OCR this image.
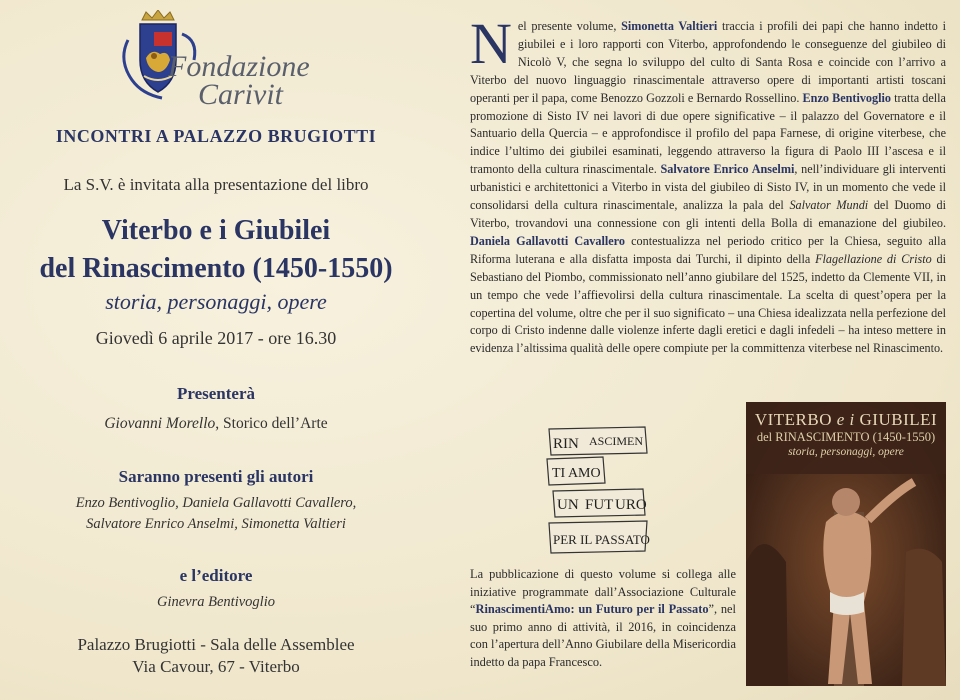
Fondazione
Carivit
INCONTRI A PALAZZO BRUGIOTTI
La S.V. è invitata alla presentazione del libro
Viterbo e i Giubilei
del Rinascimento (1450-1550)
storia, personaggi, opere
Giovedì 6 aprile 2017 - ore 16.30
Presenterà
Giovanni Morello, Storico dell’Arte
Saranno presenti gli autori
Enzo Bentivoglio, Daniela Gallavotti Cavallero,
Salvatore Enrico Anselmi, Simonetta Valtieri
e l’editore
Ginevra Bentivoglio
Palazzo Brugiotti - Sala delle Assemblee
Via Cavour, 67 - Viterbo
Nel presente volume, Simonetta Valtieri traccia i profili dei papi che hanno indetto i giubilei e i loro rapporti con Viterbo, approfondendo le conseguenze del giubileo di Nicolò V, che segna lo sviluppo del culto di Santa Rosa e coincide con l’arrivo a Viterbo del nuovo linguaggio rinascimentale attraverso opere di importanti artisti toscani operanti per il papa, come Benozzo Gozzoli e Bernardo Rossellino. Enzo Bentivoglio tratta della promozione di Sisto IV nei lavori di due opere significative – il palazzo del Governatore e il Santuario della Quercia – e approfondisce il profilo del papa Farnese, di origine viterbese, che indice l’ultimo dei giubilei esaminati, leggendo attraverso la figura di Paolo III l’ascesa e il tramonto della cultura rinascimentale. Salvatore Enrico Anselmi, nell’individuare gli interventi urbanistici e architettonici a Viterbo in vista del giubileo di Sisto IV, in un momento che vede il consolidarsi della cultura rinascimentale, analizza la pala del Salvator Mundi del Duomo di Viterbo, trovandovi una connessione con gli intenti della Bolla di emanazione del giubileo. Daniela Gallavotti Cavallero contestualizza nel periodo critico per la Chiesa, seguito alla Riforma luterana e alla disfatta imposta dai Turchi, il dipinto della Flagellazione di Cristo di Sebastiano del Piombo, commissionato nell’anno giubilare del 1525, indetto da Clemente VII, in un tempo che vede l’affievolirsi della cultura rinascimentale. La scelta di quest’opera per la copertina del volume, oltre che per il suo significato – una Chiesa idealizzata nella perfezione del corpo di Cristo indenne dalle violenze inferte dagli eretici e dagli infedeli – ha inteso mettere in evidenza l’altissima qualità delle opere compiute per la committenza viterbese nel Rinascimento.
RIN ASCIMEN
TI AMO
UN FUT URO
PER IL PASSATO
VITERBO e i GIUBILEI
del RINASCIMENTO (1450-1550)
storia, personaggi, opere
La pubblicazione di questo volume si collega alle iniziative programmate dall’Associazione Culturale “RinascimentiAmo: un Futuro per il Passato”, nel suo primo anno di attività, il 2016, in coincidenza con l’apertura dell’Anno Giubilare della Misericordia indetto da papa Francesco.
